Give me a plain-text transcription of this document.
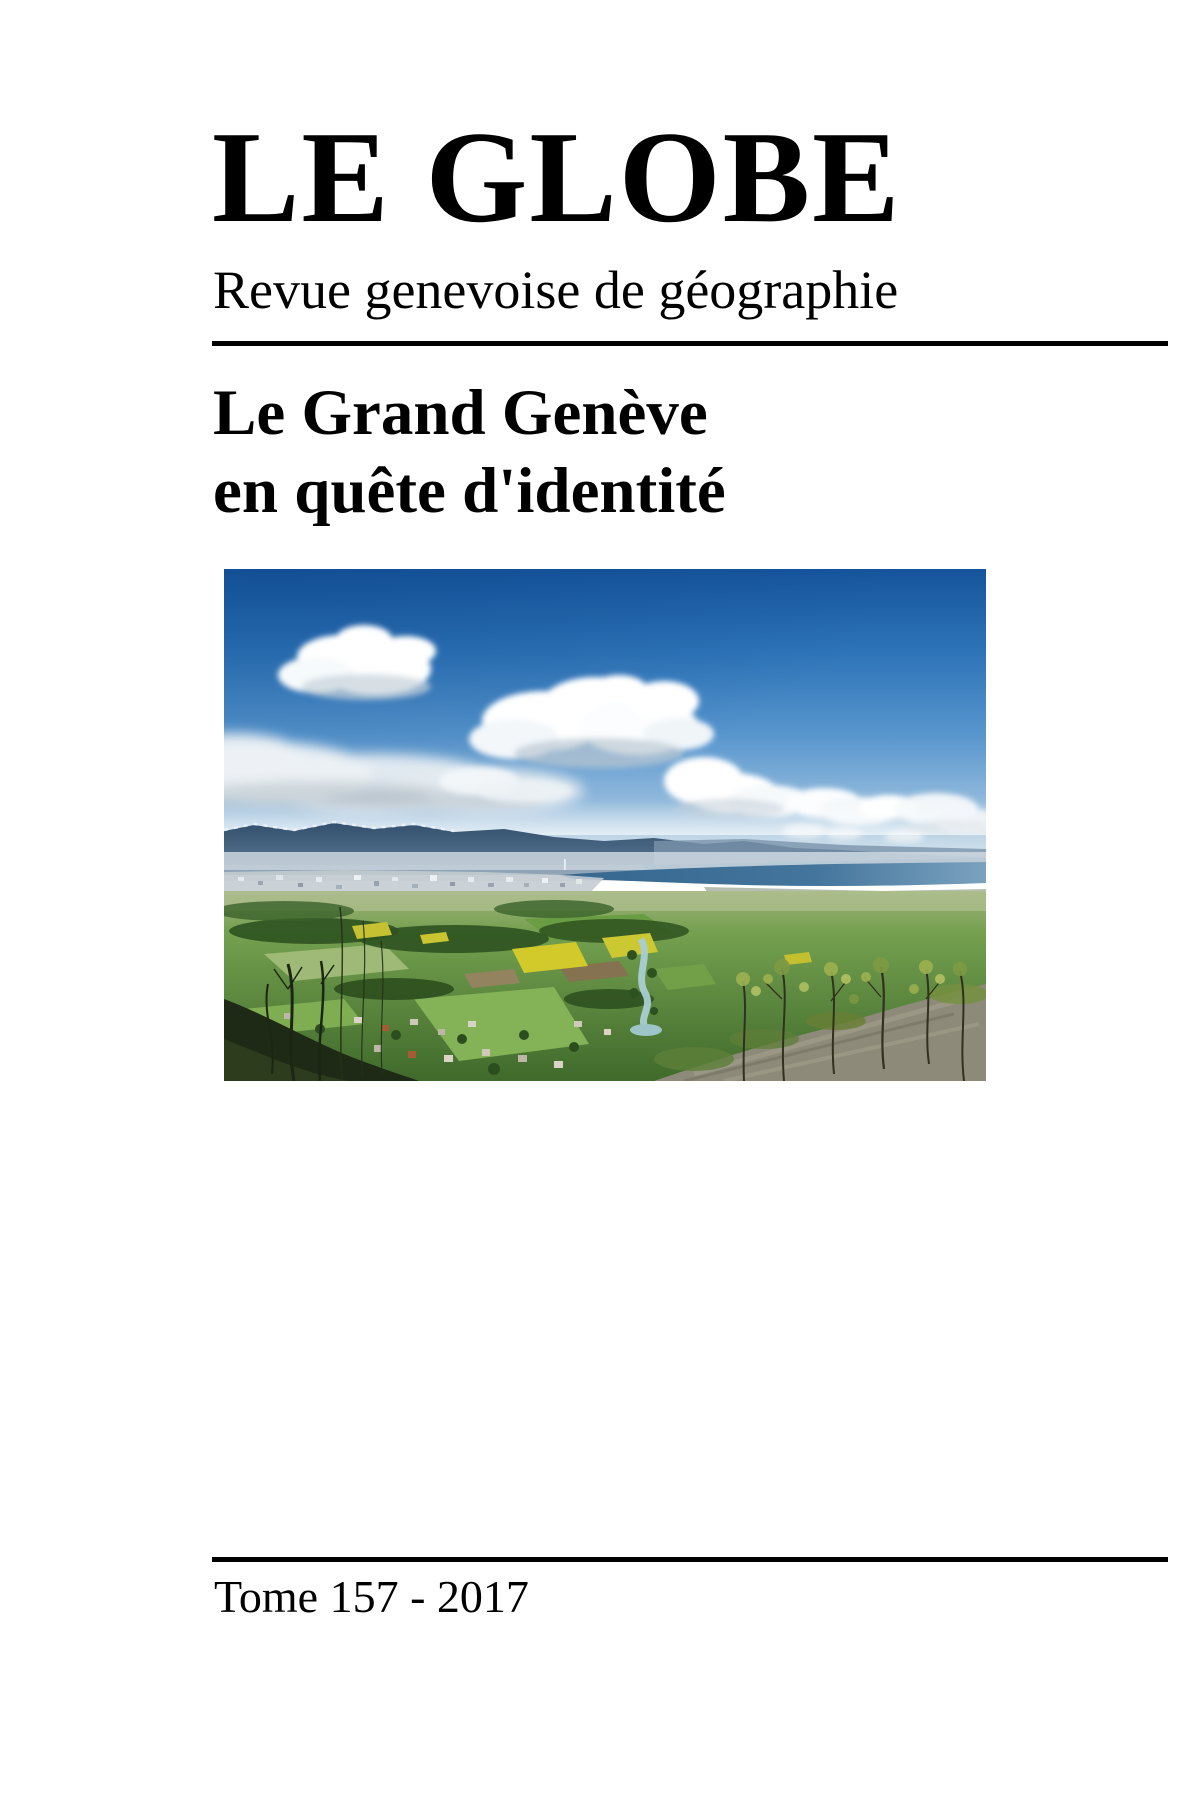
LE GLOBE

Revue genevoise de géographie

Le Grand Genève
en quête d'identité

Tome 157 - 2017
